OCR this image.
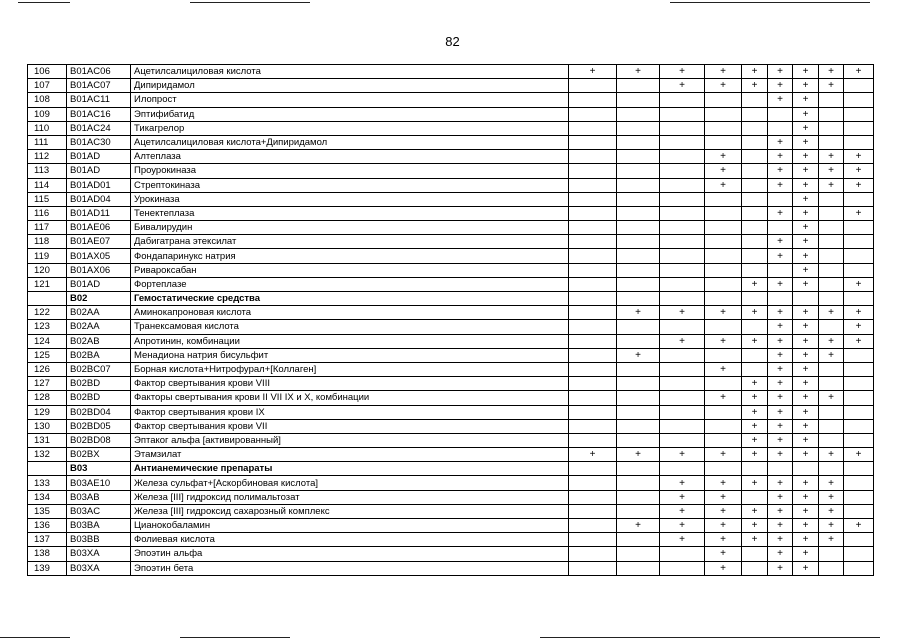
82
106	B01AC06	Ацетилсалициловая кислота	+	+	+	+	+	+	+	+	+
107	B01AC07	Дипиридамол			+	+	+	+	+	+	
108	B01AC11	Илопрост						+	+		
109	B01AC16	Эптифибатид							+		
110	B01AC24	Тикагрелор							+		
111	B01AC30	Ацетилсалициловая кислота+Дипиридамол						+	+		
112	B01AD	Алтеплаза				+		+	+	+	+
113	B01AD	Проурокиназа				+		+	+	+	+
114	B01AD01	Стрептокиназа				+		+	+	+	+
115	B01AD04	Урокиназа							+		
116	B01AD11	Тенектеплаза						+	+		+
117	B01AE06	Бивалирудин							+		
118	B01AE07	Дабигатрана этексилат						+	+		
119	B01AX05	Фондапаринукс натрия						+	+		
120	B01AX06	Ривароксабан							+		
121	B01AD	Фортеплазе					+	+	+		+
	B02	Гемостатические средства									
122	B02AA	Аминокапроновая кислота		+	+	+	+	+	+	+	+
123	B02AA	Транексамовая кислота						+	+		+
124	B02AB	Апротинин, комбинации			+	+	+	+	+	+	+
125	B02BA	Менадиона натрия бисульфит		+				+	+	+	
126	B02BC07	Борная кислота+Нитрофурал+[Коллаген]				+		+	+		
127	B02BD	Фактор свертывания крови VIII					+	+	+		
128	B02BD	Факторы свертывания крови II VII IX и X, комбинации				+	+	+	+	+	
129	B02BD04	Фактор свертывания крови IX					+	+	+		
130	B02BD05	Фактор свертывания крови VII					+	+	+		
131	B02BD08	Эптаког альфа [активированный]					+	+	+		
132	B02BX	Этамзилат	+	+	+	+	+	+	+	+	+
	B03	Антианемические препараты									
133	B03AE10	Железа сульфат+[Аскорбиновая кислота]			+	+	+	+	+	+	
134	B03AB	Железа [III] гидроксид полимальтозат			+	+		+	+	+	
135	B03AC	Железа [III] гидроксид сахарозный комплекс			+	+	+	+	+	+	
136	B03BA	Цианокобаламин		+	+	+	+	+	+	+	+
137	B03BB	Фолиевая кислота			+	+	+	+	+	+	
138	B03XA	Эпоэтин альфа				+		+	+		
139	B03XA	Эпоэтин бета				+		+	+		
